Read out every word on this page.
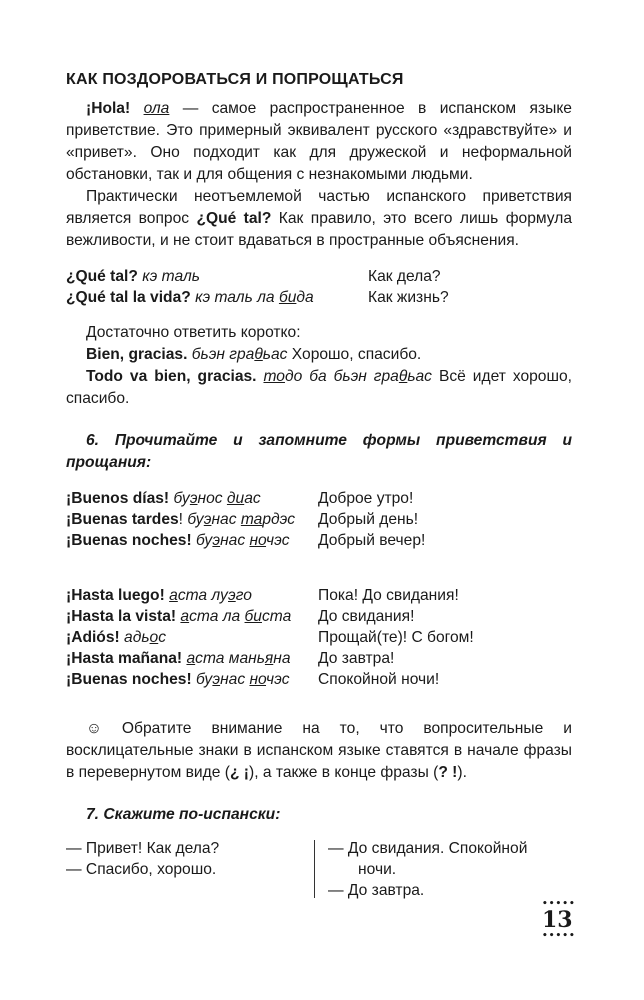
КАК ПОЗДОРОВАТЬСЯ И ПОПРОЩАТЬСЯ

¡Hola! ола — самое распространенное в испанском языке приветствие. Это примерный эквивалент русского «здравствуйте» и «привет». Оно подходит как для дружеской и неформальной обстановки, так и для общения с незнакомыми людьми.

Практически неотъемлемой частью испанского приветствия является вопрос ¿Qué tal? Как правило, это всего лишь формула вежливости, и не стоит вдаваться в пространные объяснения.

¿Qué tal? кэ таль	Как дела?
¿Qué tal la vida? кэ таль ла бида	Как жизнь?

Достаточно ответить коротко:

Bien, gracias. бьэн граθьас Хорошо, спасибо.

Todo va bien, gracias. тодо ба бьэн граθьас Всё идет хорошо, спасибо.

6. Прочитайте и запомните формы приветствия и прощания:

¡Buenos días! буэнос диас	Доброе утро!
¡Buenas tardes! буэнас тардэс	Добрый день!
¡Buenas noches! буэнас ночэс	Добрый вечер!
¡Hasta luego! аста луэго	Пока! До свидания!
¡Hasta la vista! аста ла биста	До свидания!
¡Adiós! адьос	Прощай(те)! С богом!
¡Hasta mañana! аста маньяна	До завтра!
¡Buenas noches! буэнас ночэс	Спокойной ночи!

☺ Обратите внимание на то, что вопросительные и восклицательные знаки в испанском языке ставятся в начале фразы в перевернутом виде (¿ ¡), а также в конце фразы (? !).

7. Скажите по-испански:

— Привет! Как дела?
— Спасибо, хорошо.
— До свидания. Спокойной
ночи.
— До завтра.
•••••
13
•••••
